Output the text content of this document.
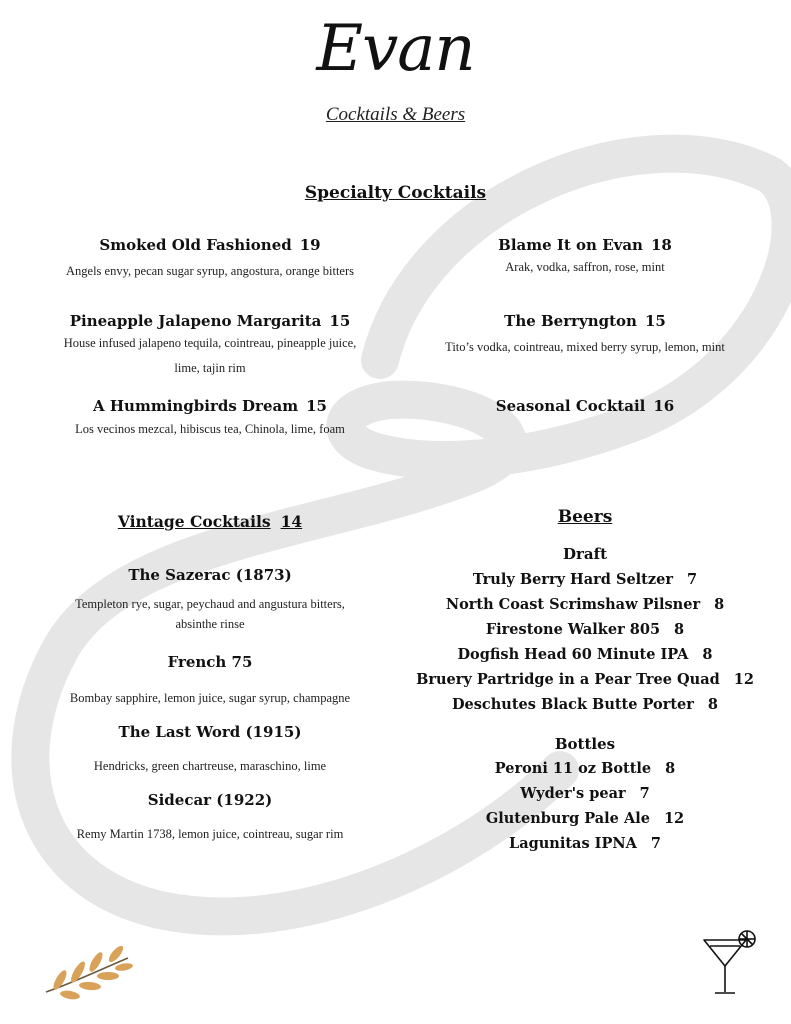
Evan
Cocktails & Beers
Specialty Cocktails
Smoked Old Fashioned 19
Angels envy, pecan sugar syrup, angostura, orange bitters
Pineapple Jalapeno Margarita 15
House infused jalapeno tequila, cointreau, pineapple juice,
lime, tajin rim
A Hummingbirds Dream 15
Los vecinos mezcal, hibiscus tea, Chinola, lime, foam
Blame It on Evan 18
Arak, vodka, saffron, rose, mint
The Berryngton 15
Tito’s vodka, cointreau, mixed berry syrup, lemon, mint
Seasonal Cocktail 16
Vintage Cocktails 14
The Sazerac (1873)
Templeton rye, sugar, peychaud and angustura bitters,
absinthe rinse
French 75
Bombay sapphire, lemon juice, sugar syrup, champagne
The Last Word (1915)
Hendricks, green chartreuse, maraschino, lime
Sidecar (1922)
Remy Martin 1738, lemon juice, cointreau, sugar rim
Beers
Draft
Truly Berry Hard Seltzer 7
North Coast Scrimshaw Pilsner 8
Firestone Walker 805 8
Dogfish Head 60 Minute IPA 8
Bruery Partridge in a Pear Tree Quad 12
Deschutes Black Butte Porter 8
Bottles
Peroni 11 oz Bottle 8
Wyder's pear 7
Glutenburg Pale Ale 12
Lagunitas IPNA 7
